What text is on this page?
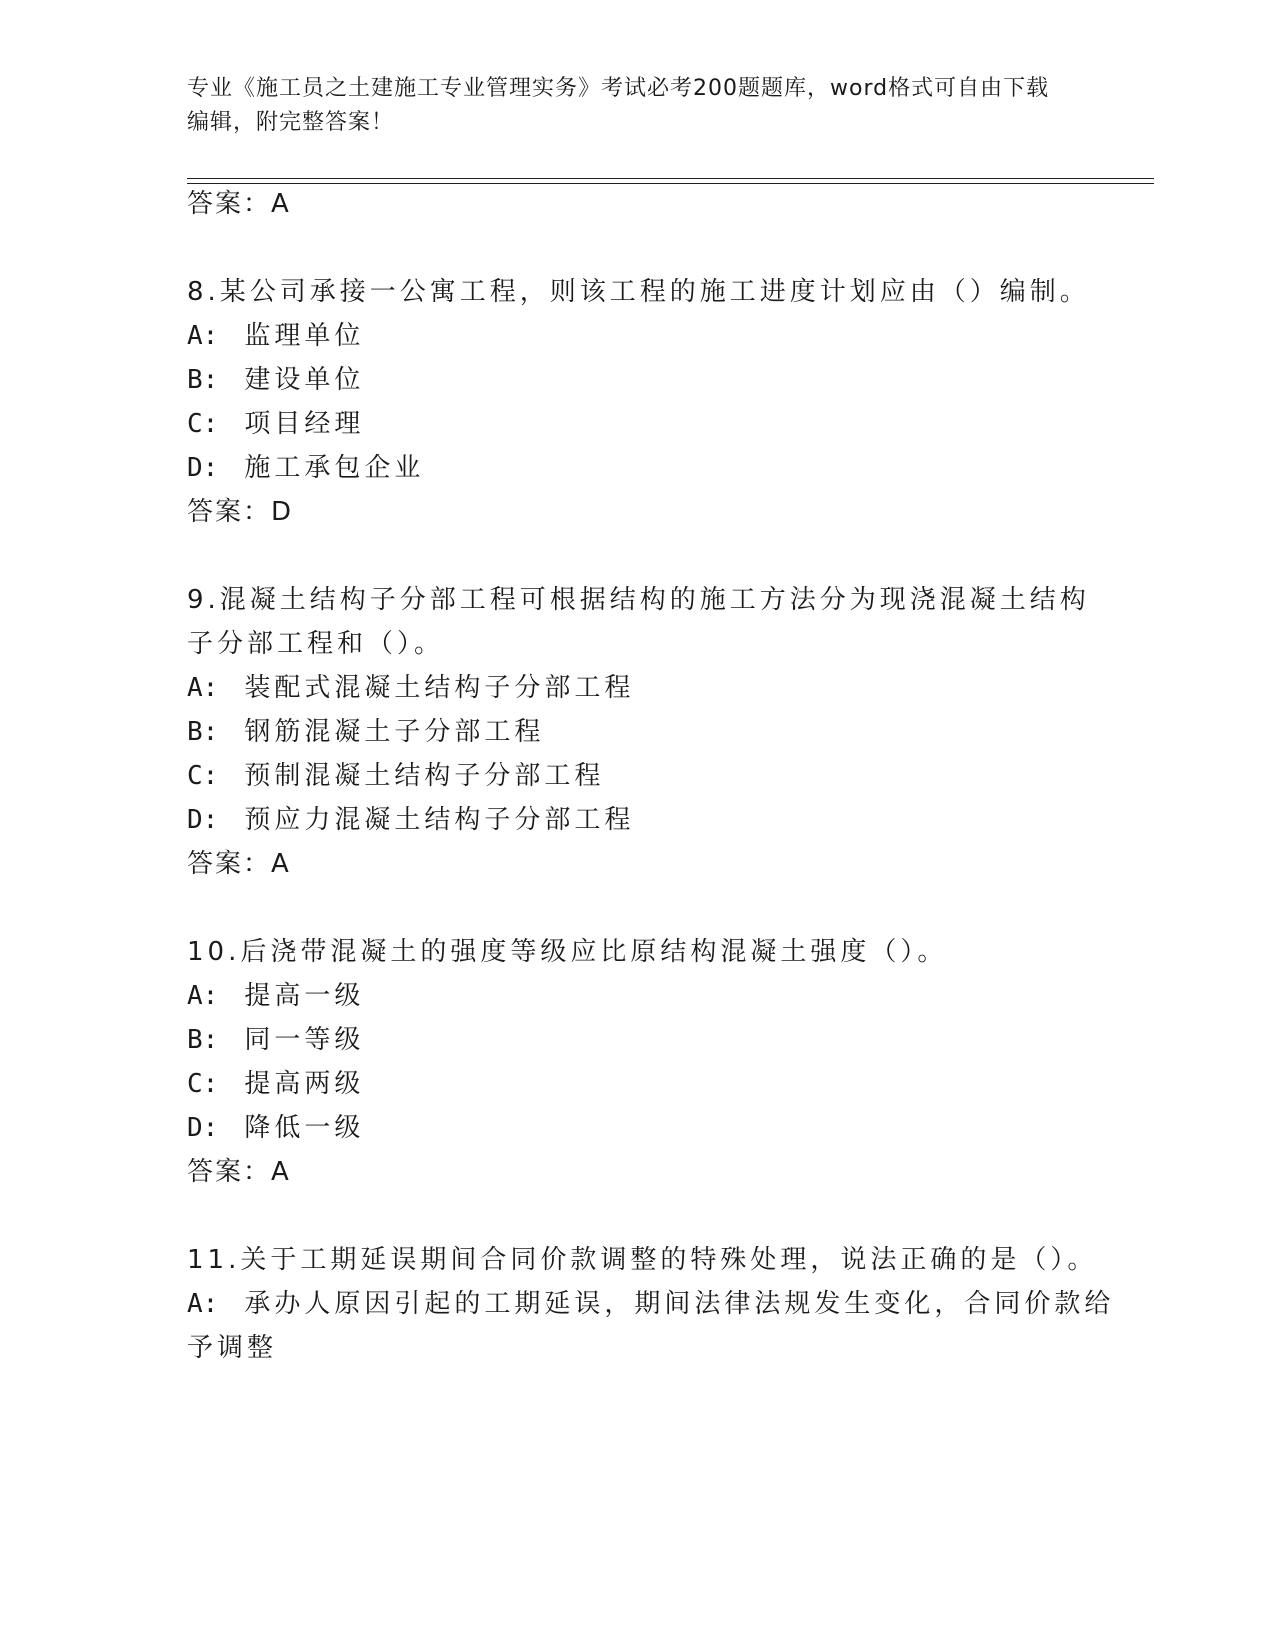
专业《施工员之土建施工专业管理实务》考试必考200题题库，word格式可自由下载编辑，附完整答案！
答案：A
8.某公司承接一公寓工程，则该工程的施工进度计划应由（）编制。
A: 监理单位
B: 建设单位
C: 项目经理
D: 施工承包企业
答案：D
9.混凝土结构子分部工程可根据结构的施工方法分为现浇混凝土结构
子分部工程和（）。
A: 装配式混凝土结构子分部工程
B: 钢筋混凝土子分部工程
C: 预制混凝土结构子分部工程
D: 预应力混凝土结构子分部工程
答案：A
10.后浇带混凝土的强度等级应比原结构混凝土强度（）。
A: 提高一级
B: 同一等级
C: 提高两级
D: 降低一级
答案：A
11.关于工期延误期间合同价款调整的特殊处理，说法正确的是（）。
A: 承办人原因引起的工期延误，期间法律法规发生变化，合同价款给
予调整
